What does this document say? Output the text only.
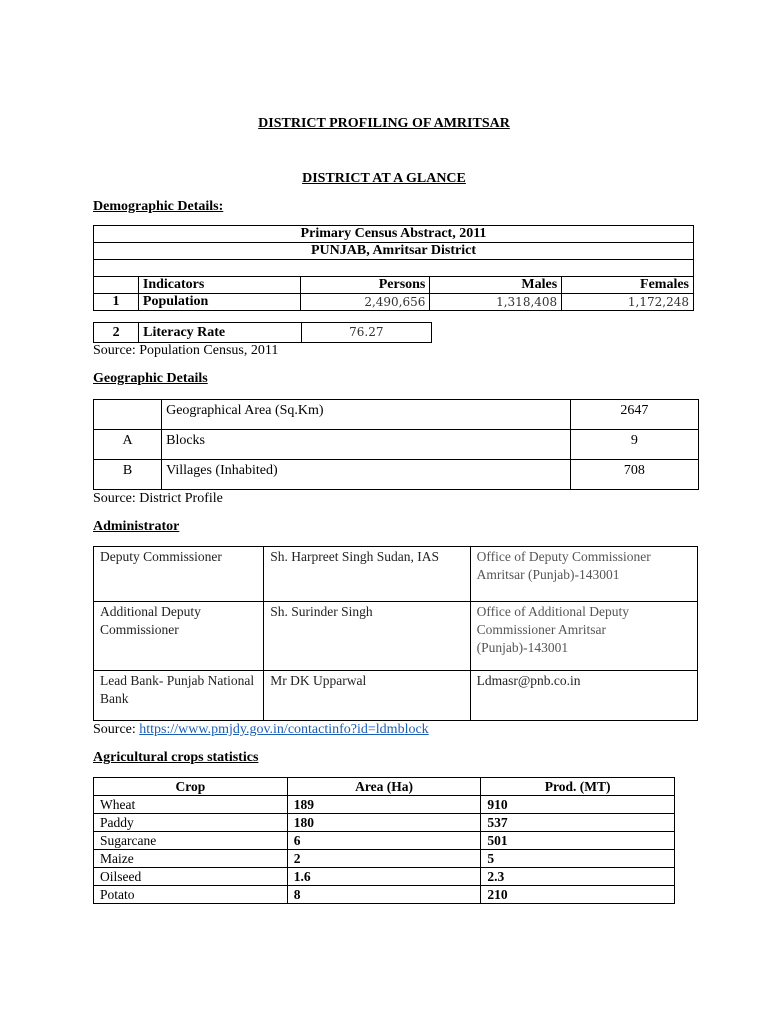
DISTRICT PROFILING OF AMRITSAR
DISTRICT AT A GLANCE
Demographic Details:
Primary Census Abstract, 2011				
PUNJAB, Amritsar District				

	Indicators	Persons	Males	Females
1	Population	2,490,656	1,318,408	1,172,248
2	Literacy Rate	76.27
Source: Population Census, 2011
Geographic Details
	Geographical Area (Sq.Km)	2647
A	Blocks	9
B	Villages (Inhabited)	708
Source: District Profile
Administrator
Deputy Commissioner	Sh. Harpreet Singh Sudan, IAS	Office of Deputy Commissioner Amritsar (Punjab)-143001
Additional Deputy Commissioner	Sh. Surinder Singh	Office of Additional Deputy Commissioner Amritsar (Punjab)-143001
Lead Bank- Punjab National Bank	Mr DK Upparwal	Ldmasr@pnb.co.in
Source: https://www.pmjdy.gov.in/contactinfo?id=ldmblock
Agricultural crops statistics
Crop	Area (Ha)	Prod. (MT)
Wheat	189	910
Paddy	180	537
Sugarcane	6	501
Maize	2	5
Oilseed	1.6	2.3
Potato	8	210
